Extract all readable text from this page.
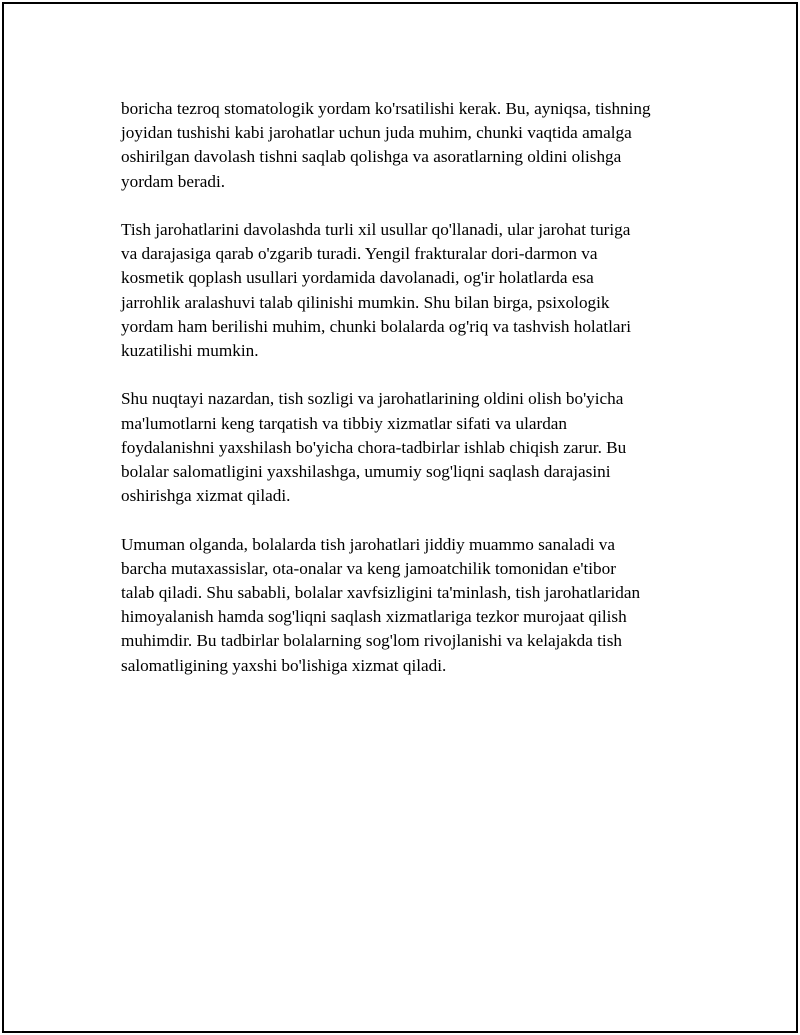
boricha tezroq stomatologik yordam ko'rsatilishi kerak. Bu, ayniqsa, tishning
joyidan tushishi kabi jarohatlar uchun juda muhim, chunki vaqtida amalga
oshirilgan davolash tishni saqlab qolishga va asoratlarning oldini olishga
yordam beradi.

Tish jarohatlarini davolashda turli xil usullar qo'llanadi, ular jarohat turiga
va darajasiga qarab o'zgarib turadi. Yengil frakturalar dori-darmon va
kosmetik qoplash usullari yordamida davolanadi, og'ir holatlarda esa
jarrohlik aralashuvi talab qilinishi mumkin. Shu bilan birga, psixologik
yordam ham berilishi muhim, chunki bolalarda og'riq va tashvish holatlari
kuzatilishi mumkin.

Shu nuqtayi nazardan, tish sozligi va jarohatlarining oldini olish bo'yicha
ma'lumotlarni keng tarqatish va tibbiy xizmatlar sifati va ulardan
foydalanishni yaxshilash bo'yicha chora-tadbirlar ishlab chiqish zarur. Bu
bolalar salomatligini yaxshilashga, umumiy sog'liqni saqlash darajasini
oshirishga xizmat qiladi.

Umuman olganda, bolalarda tish jarohatlari jiddiy muammo sanaladi va
barcha mutaxassislar, ota-onalar va keng jamoatchilik tomonidan e'tibor
talab qiladi. Shu sababli, bolalar xavfsizligini ta'minlash, tish jarohatlaridan
himoyalanish hamda sog'liqni saqlash xizmatlariga tezkor murojaat qilish
muhimdir. Bu tadbirlar bolalarning sog'lom rivojlanishi va kelajakda tish
salomatligining yaxshi bo'lishiga xizmat qiladi.
